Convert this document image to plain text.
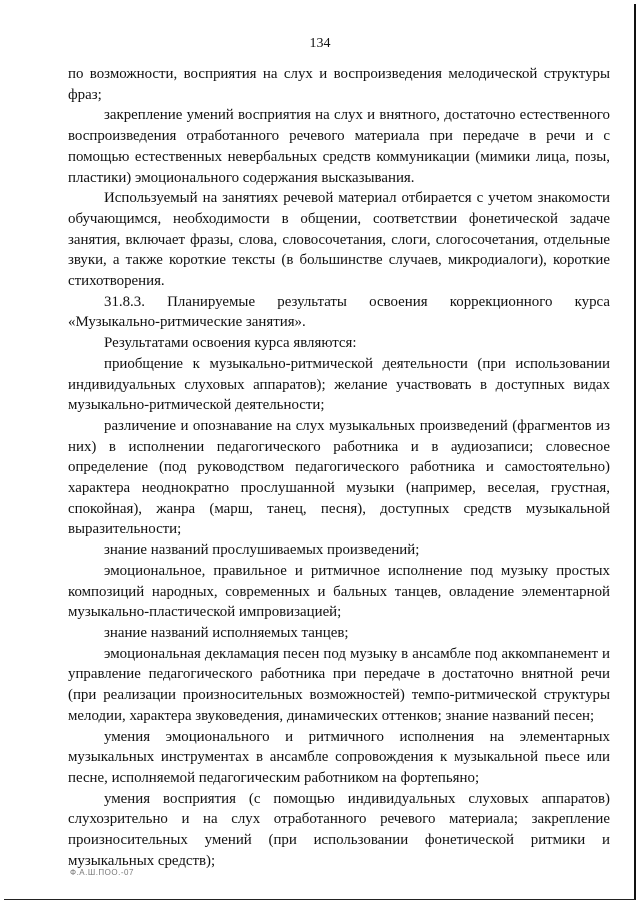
134

по возможности, восприятия на слух и воспроизведения мелодической структуры фраз;

закрепление умений восприятия на слух и внятного, достаточно естественного воспроизведения отработанного речевого материала при передаче в речи и с помощью естественных невербальных средств коммуникации (мимики лица, позы, пластики) эмоционального содержания высказывания.

Используемый на занятиях речевой материал отбирается с учетом знакомости обучающимся, необходимости в общении, соответствии фонетической задаче занятия, включает фразы, слова, словосочетания, слоги, слогосочетания, отдельные звуки, а также короткие тексты (в большинстве случаев, микродиалоги), короткие стихотворения.

31.8.3. Планируемые результаты освоения коррекционного курса

«Музыкально-ритмические занятия».

Результатами освоения курса являются:

приобщение к музыкально-ритмической деятельности (при использовании индивидуальных слуховых аппаратов); желание участвовать в доступных видах музыкально-ритмической деятельности;

различение и опознавание на слух музыкальных произведений (фрагментов из них) в исполнении педагогического работника и в аудиозаписи; словесное определение (под руководством педагогического работника и самостоятельно) характера неоднократно прослушанной музыки (например, веселая, грустная, спокойная), жанра (марш, танец, песня), доступных средств музыкальной выразительности;

знание названий прослушиваемых произведений;

эмоциональное, правильное и ритмичное исполнение под музыку простых композиций народных, современных и бальных танцев, овладение элементарной музыкально-пластической импровизацией;

знание названий исполняемых танцев;

эмоциональная декламация песен под музыку в ансамбле под аккомпанемент и управление педагогического работника при передаче в достаточно внятной речи (при реализации произносительных возможностей) темпо-ритмической структуры мелодии, характера звуковедения, динамических оттенков; знание названий песен;

умения эмоционального и ритмичного исполнения на элементарных музыкальных инструментах в ансамбле сопровождения к музыкальной пьесе или песне, исполняемой педагогическим работником на фортепьяно;

умения восприятия (с помощью индивидуальных слуховых аппаратов) слухозрительно и на слух отработанного речевого материала; закрепление произносительных умений (при использовании фонетической ритмики и музыкальных средств);

Ф.А.Ш.ПОО.-07
